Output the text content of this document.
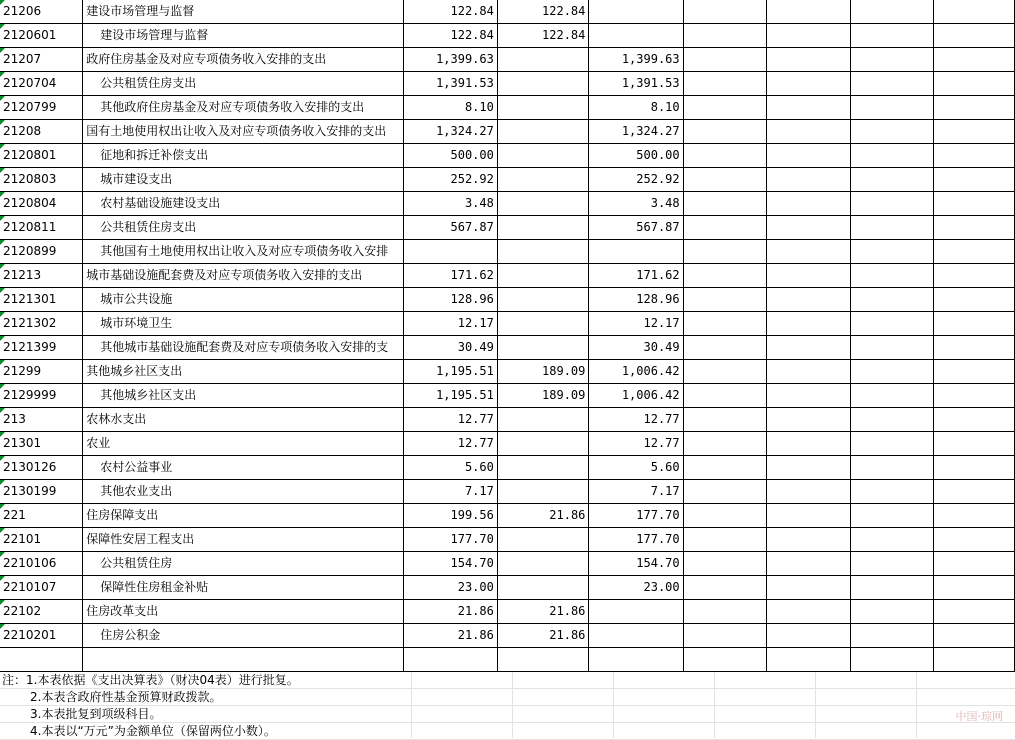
21206	建设市场管理与监督	122.84	122.84					
2120601	建设市场管理与监督	122.84	122.84					
21207	政府住房基金及对应专项债务收入安排的支出	1,399.63		1,399.63				
2120704	公共租赁住房支出	1,391.53		1,391.53				
2120799	其他政府住房基金及对应专项债务收入安排的支出	8.10		8.10				
21208	国有土地使用权出让收入及对应专项债务收入安排的支出	1,324.27		1,324.27				
2120801	征地和拆迁补偿支出	500.00		500.00				
2120803	城市建设支出	252.92		252.92				
2120804	农村基础设施建设支出	3.48		3.48				
2120811	公共租赁住房支出	567.87		567.87				
2120899	其他国有土地使用权出让收入及对应专项债务收入安排							
21213	城市基础设施配套费及对应专项债务收入安排的支出	171.62		171.62				
2121301	城市公共设施	128.96		128.96				
2121302	城市环境卫生	12.17		12.17				
2121399	其他城市基础设施配套费及对应专项债务收入安排的支	30.49		30.49				
21299	其他城乡社区支出	1,195.51	189.09	1,006.42				
2129999	其他城乡社区支出	1,195.51	189.09	1,006.42				
213	农林水支出	12.77		12.77				
21301	农业	12.77		12.77				
2130126	农村公益事业	5.60		5.60				
2130199	其他农业支出	7.17		7.17				
221	住房保障支出	199.56	21.86	177.70				
22101	保障性安居工程支出	177.70		177.70				
2210106	公共租赁住房	154.70		154.70				
2210107	保障性住房租金补贴	23.00		23.00				
22102	住房改革支出	21.86	21.86					
2210201	住房公积金	21.86	21.86					

注：1.本表依据《支出决算表》（财决04表）进行批复。
2.本表含政府性基金预算财政拨款。
3.本表批复到项级科目。
4.本表以“万元”为金额单位（保留两位小数）。
中国·琼网
